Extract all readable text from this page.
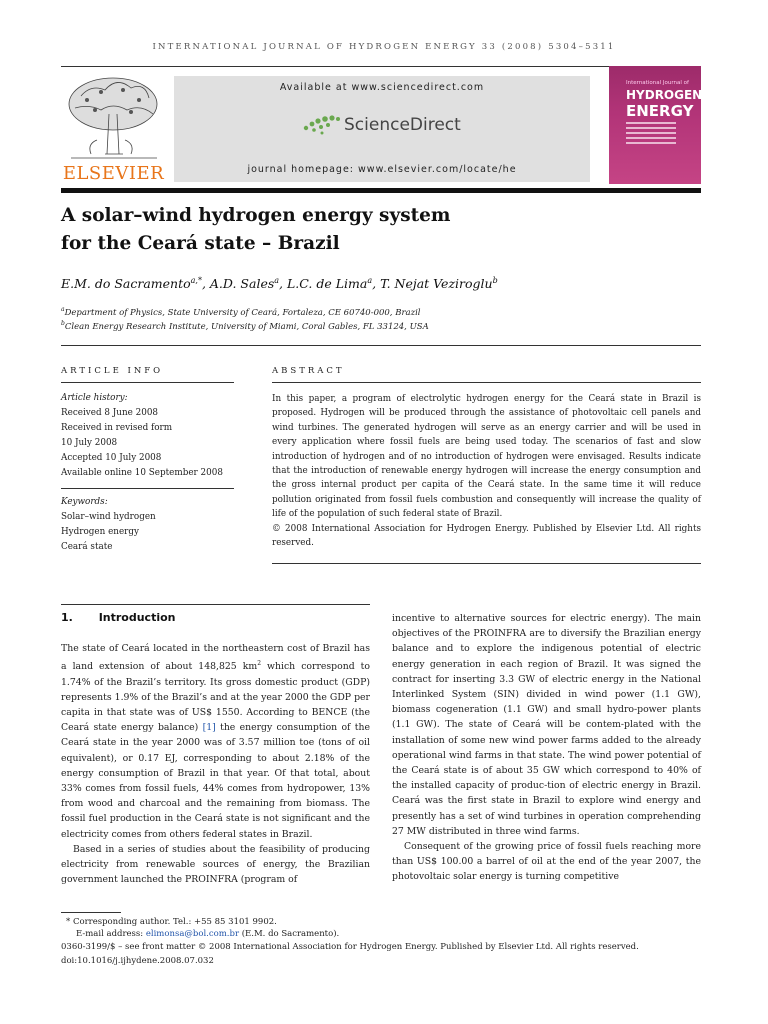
INTERNATIONAL JOURNAL OF HYDROGEN ENERGY 33 (2008) 5304–5311
ELSEVIER
Available at www.sciencedirect.com
ScienceDirect
journal homepage: www.elsevier.com/locate/he
International Journal of
HYDROGEN
ENERGY
A solar–wind hydrogen energy system
for the Ceará state – Brazil
E.M. do Sacramento$^{a,*}$, A.D. Sales$^a$, L.C. de Lima$^a$, T. Nejat Veziroglu$^b$
$^a$Department of Physics, State University of Ceará, Fortaleza, CE 60740-000, Brazil
$^b$Clean Energy Research Institute, University of Miami, Coral Gables, FL 33124, USA
ARTICLE INFO
Article history:
Received 8 June 2008
Received in revised form
10 July 2008
Accepted 10 July 2008
Available online 10 September 2008
Keywords:
Solar–wind hydrogen
Hydrogen energy
Ceará state
ABSTRACT
In this paper, a program of electrolytic hydrogen energy for the Ceará state in Brazil is proposed. Hydrogen will be produced through the assistance of photovoltaic cell panels and wind turbines. The generated hydrogen will serve as an energy carrier and will be used in every application where fossil fuels are being used today. The scenarios of fast and slow introduction of hydrogen and of no introduction of hydrogen were envisaged. Results indicate that the introduction of renewable energy hydrogen will increase the energy consumption and the gross internal product per capita of the Ceará state. In the same time it will reduce pollution originated from fossil fuels combustion and consequently will increase the quality of life of the population of such federal state of Brazil.
© 2008 International Association for Hydrogen Energy. Published by Elsevier Ltd. All rights reserved.
1. Introduction

The state of Ceará located in the northeastern cost of Brazil has a land extension of about 148,825 $km^2$ which correspond to 1.74% of the Brazil’s territory. Its gross domestic product (GDP) represents 1.9% of the Brazil’s and at the year 2000 the GDP per capita in that state was of US$ 1550. According to BENCE (the Ceará state energy balance) [1] the energy consumption of the Ceará state in the year 2000 was of 3.57 million toe (tons of oil equivalent), or 0.17 EJ, corresponding to about 2.18% of the energy consumption of Brazil in that year. Of that total, about 33% comes from fossil fuels, 44% comes from hydropower, 13% from wood and charcoal and the remaining from biomass. The fossil fuel production in the Ceará state is not significant and the electricity comes from others federal states in Brazil.

Based in a series of studies about the feasibility of producing electricity from renewable sources of energy, the Brazilian government launched the PROINFRA (program of

incentive to alternative sources for electric energy). The main objectives of the PROINFRA are to diversify the Brazilian energy balance and to explore the indigenous potential of electric energy generation in each region of Brazil. It was signed the contract for inserting 3.3 GW of electric energy in the National Interlinked System (SIN) divided in wind power (1.1 GW), biomass cogeneration (1.1 GW) and small hydro-power plants (1.1 GW). The state of Ceará will be contem-plated with the installation of some new wind power farms added to the already operational wind farms in that state. The wind power potential of the Ceará state is of about 35 GW which correspond to 40% of the installed capacity of produc-tion of electric energy in Brazil. Ceará was the first state in Brazil to explore wind energy and presently has a set of wind turbines in operation comprehending 27 MW distributed in three wind farms.

Consequent of the growing price of fossil fuels reaching more than US$ 100.00 a barrel of oil at the end of the year 2007, the photovoltaic solar energy is turning competitive

* Corresponding author. Tel.: +55 85 3101 9902.
E-mail address: elimonsa@bol.com.br (E.M. do Sacramento).
0360-3199/$ – see front matter © 2008 International Association for Hydrogen Energy. Published by Elsevier Ltd. All rights reserved.
doi:10.1016/j.ijhydene.2008.07.032
